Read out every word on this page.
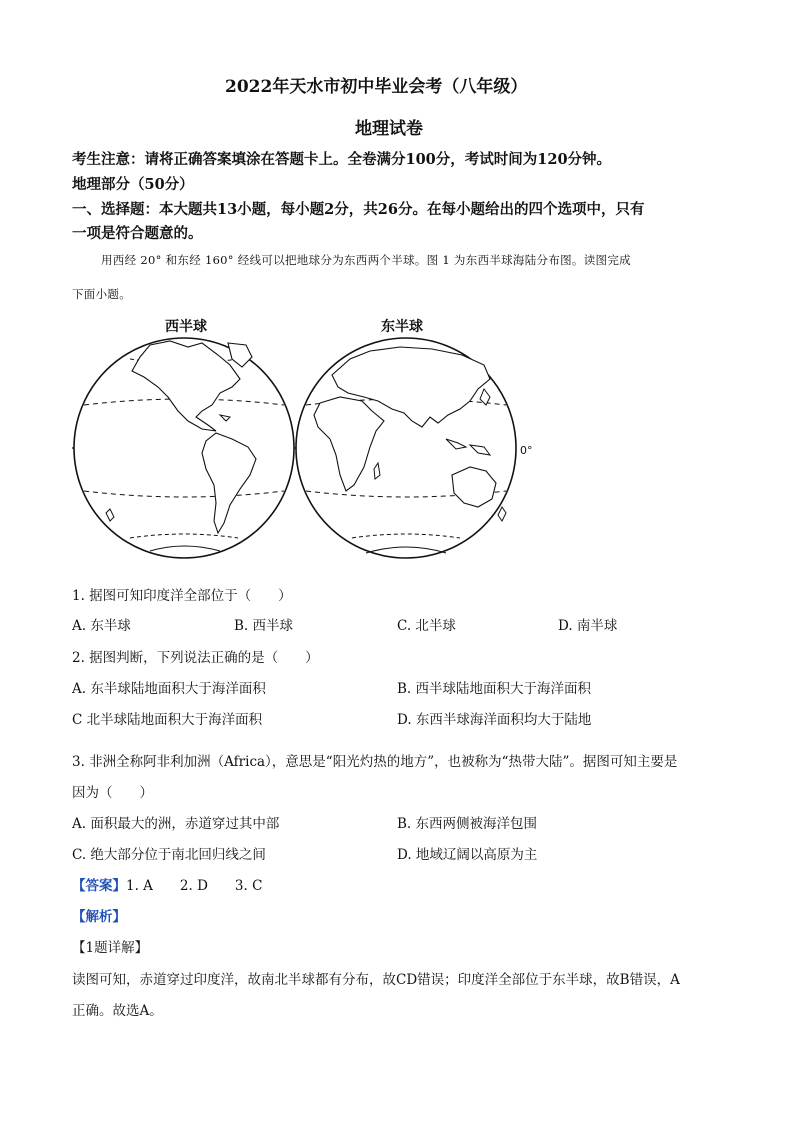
2022年天水市初中毕业会考（八年级）
地理试卷
考生注意：请将正确答案填涂在答题卡上。全卷满分100分，考试时间为120分钟。
地理部分（50分）
一、选择题：本大题共13小题，每小题2分，共26分。在每小题给出的四个选项中，只有
一项是符合题意的。
用西经 20° 和东经 160° 经线可以把地球分为东西两个半球。图 1 为东西半球海陆分布图。读图完成
下面小题。
西半球	东半球
0°
1. 据图可知印度洋全部位于（　　）
A. 东半球	B. 西半球	C. 北半球	D. 南半球
2. 据图判断，下列说法正确的是（　　）
A. 东半球陆地面积大于海洋面积	B. 西半球陆地面积大于海洋面积
C 北半球陆地面积大于海洋面积	D. 东西半球海洋面积均大于陆地
3. 非洲全称阿非利加洲（Africa），意思是“阳光灼热的地方”，也被称为“热带大陆”。据图可知主要是
因为（　　）
A. 面积最大的洲，赤道穿过其中部	B. 东西两侧被海洋包围
C. 绝大部分位于南北回归线之间	D. 地域辽阔以高原为主
【答案】1. A　　2. D　　3. C
【解析】
【1题详解】
读图可知，赤道穿过印度洋，故南北半球都有分布，故CD错误；印度洋全部位于东半球，故B错误，A
正确。故选A。
